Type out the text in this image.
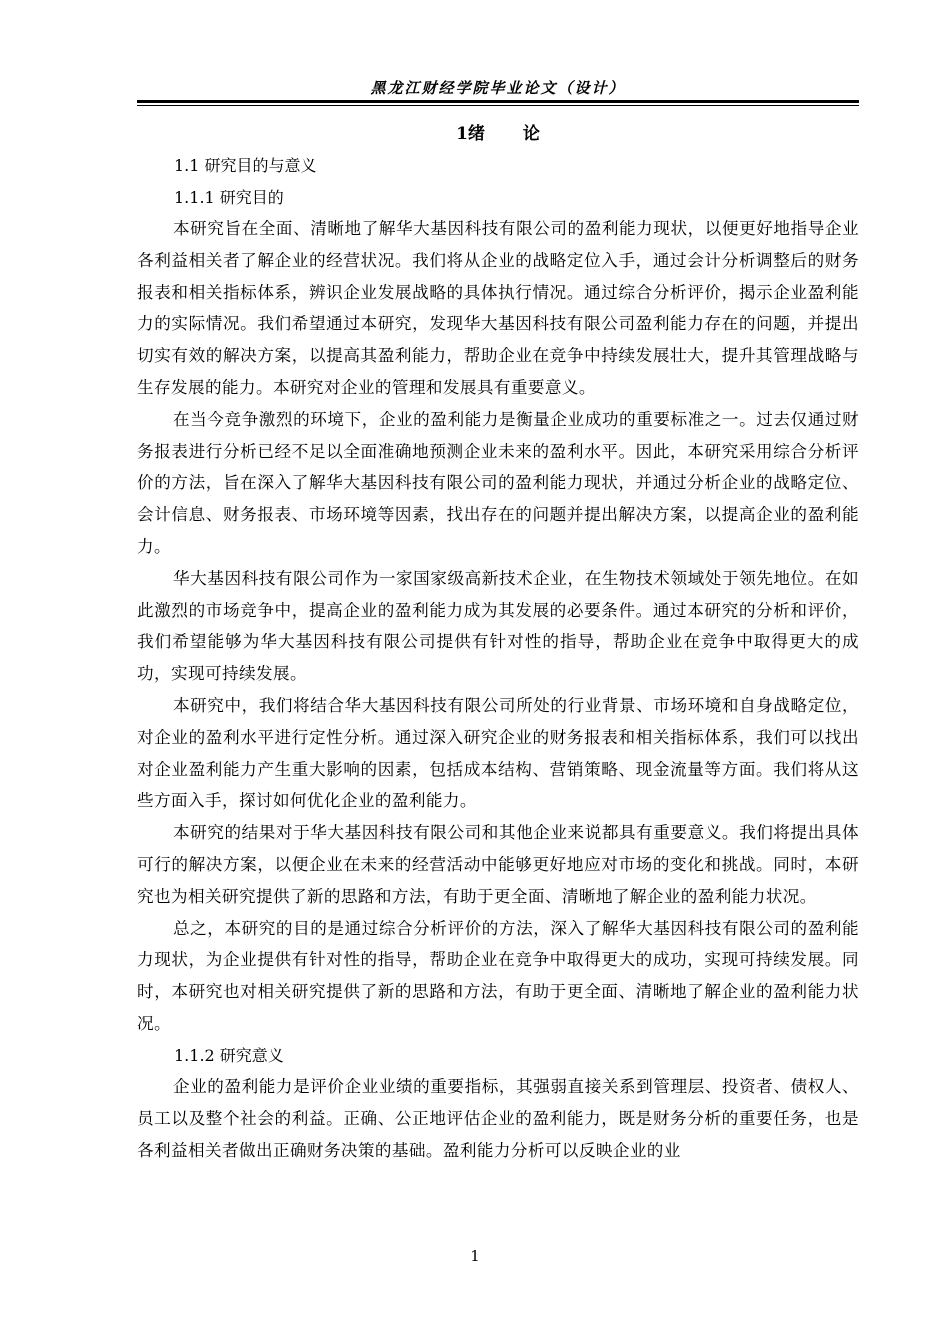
黑龙江财经学院毕业论文（设计）
1绪 论

1.1 研究目的与意义

1.1.1 研究目的

本研究旨在全面、清晰地了解华大基因科技有限公司的盈利能力现状，以便更好地指导企业各利益相关者了解企业的经营状况。我们将从企业的战略定位入手，通过会计分析调整后的财务报表和相关指标体系，辨识企业发展战略的具体执行情况。通过综合分析评价，揭示企业盈利能力的实际情况。我们希望通过本研究，发现华大基因科技有限公司盈利能力存在的问题，并提出切实有效的解决方案，以提高其盈利能力，帮助企业在竞争中持续发展壮大，提升其管理战略与生存发展的能力。本研究对企业的管理和发展具有重要意义。

在当今竞争激烈的环境下，企业的盈利能力是衡量企业成功的重要标准之一。过去仅通过财务报表进行分析已经不足以全面准确地预测企业未来的盈利水平。因此，本研究采用综合分析评价的方法，旨在深入了解华大基因科技有限公司的盈利能力现状，并通过分析企业的战略定位、会计信息、财务报表、市场环境等因素，找出存在的问题并提出解决方案，以提高企业的盈利能力。

华大基因科技有限公司作为一家国家级高新技术企业，在生物技术领域处于领先地位。在如此激烈的市场竞争中，提高企业的盈利能力成为其发展的必要条件。通过本研究的分析和评价，我们希望能够为华大基因科技有限公司提供有针对性的指导，帮助企业在竞争中取得更大的成功，实现可持续发展。

本研究中，我们将结合华大基因科技有限公司所处的行业背景、市场环境和自身战略定位，对企业的盈利水平进行定性分析。通过深入研究企业的财务报表和相关指标体系，我们可以找出对企业盈利能力产生重大影响的因素，包括成本结构、营销策略、现金流量等方面。我们将从这些方面入手，探讨如何优化企业的盈利能力。

本研究的结果对于华大基因科技有限公司和其他企业来说都具有重要意义。我们将提出具体可行的解决方案，以便企业在未来的经营活动中能够更好地应对市场的变化和挑战。同时，本研究也为相关研究提供了新的思路和方法，有助于更全面、清晰地了解企业的盈利能力状况。

总之，本研究的目的是通过综合分析评价的方法，深入了解华大基因科技有限公司的盈利能力现状，为企业提供有针对性的指导，帮助企业在竞争中取得更大的成功，实现可持续发展。同时，本研究也对相关研究提供了新的思路和方法，有助于更全面、清晰地了解企业的盈利能力状况。

1.1.2 研究意义

企业的盈利能力是评价企业业绩的重要指标，其强弱直接关系到管理层、投资者、债权人、员工以及整个社会的利益。正确、公正地评估企业的盈利能力，既是财务分析的重要任务，也是各利益相关者做出正确财务决策的基础。盈利能力分析可以反映企业的业

1
